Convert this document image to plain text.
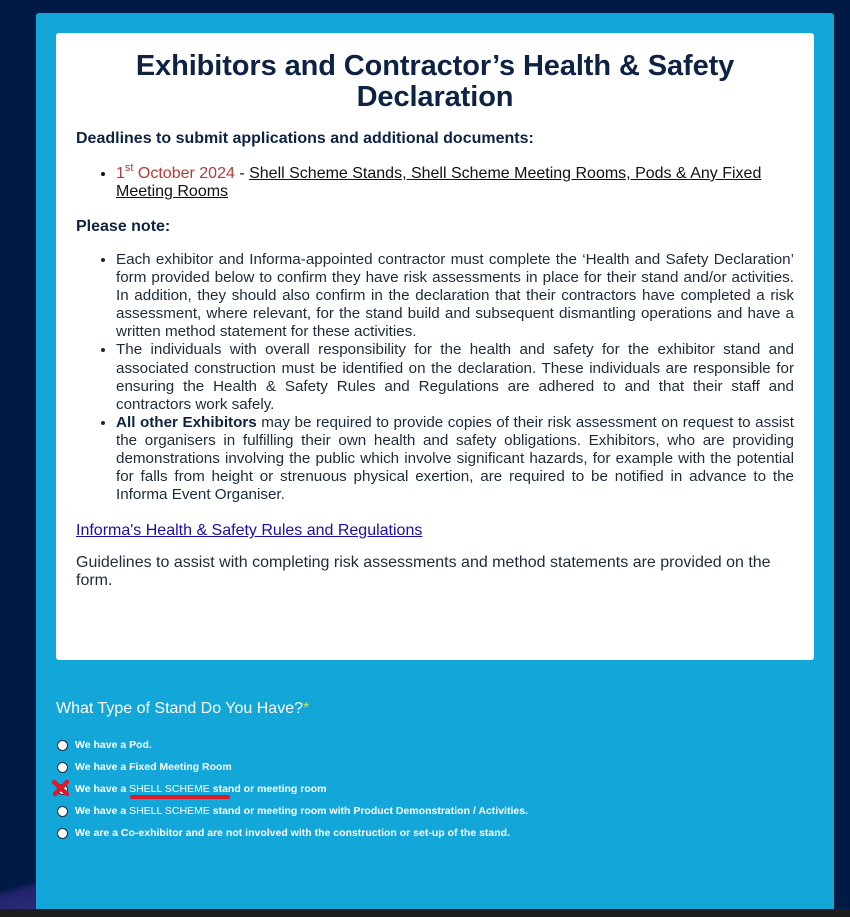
Exhibitors and Contractor’s Health & Safety Declaration

Deadlines to submit applications and additional documents:

• 1st October 2024 - Shell Scheme Stands, Shell Scheme Meeting Rooms, Pods & Any Fixed Meeting Rooms

Please note:

• Each exhibitor and Informa-appointed contractor must complete the ‘Health and Safety Declaration’ form provided below to confirm they have risk assessments in place for their stand and/or activities. In addition, they should also confirm in the declaration that their contractors have completed a risk assessment, where relevant, for the stand build and subsequent dismantling operations and have a written method statement for these activities.
• The individuals with overall responsibility for the health and safety for the exhibitor stand and associated construction must be identified on the declaration. These individuals are responsible for ensuring the Health & Safety Rules and Regulations are adhered to and that their staff and contractors work safely.
• All other Exhibitors may be required to provide copies of their risk assessment on request to assist the organisers in fulfilling their own health and safety obligations. Exhibitors, who are providing demonstrations involving the public which involve significant hazards, for example with the potential for falls from height or strenuous physical exertion, are required to be notified in advance to the Informa Event Organiser.
Informa's Health & Safety Rules and Regulations

Guidelines to assist with completing risk assessments and method statements are provided on the form.

What Type of Stand Do You Have?*
We have a Pod.
We have a Fixed Meeting Room
We have a SHELL SCHEME stand or meeting room
We have a SHELL SCHEME stand or meeting room with Product Demonstration / Activities.
We are a Co-exhibitor and are not involved with the construction or set-up of the stand.
